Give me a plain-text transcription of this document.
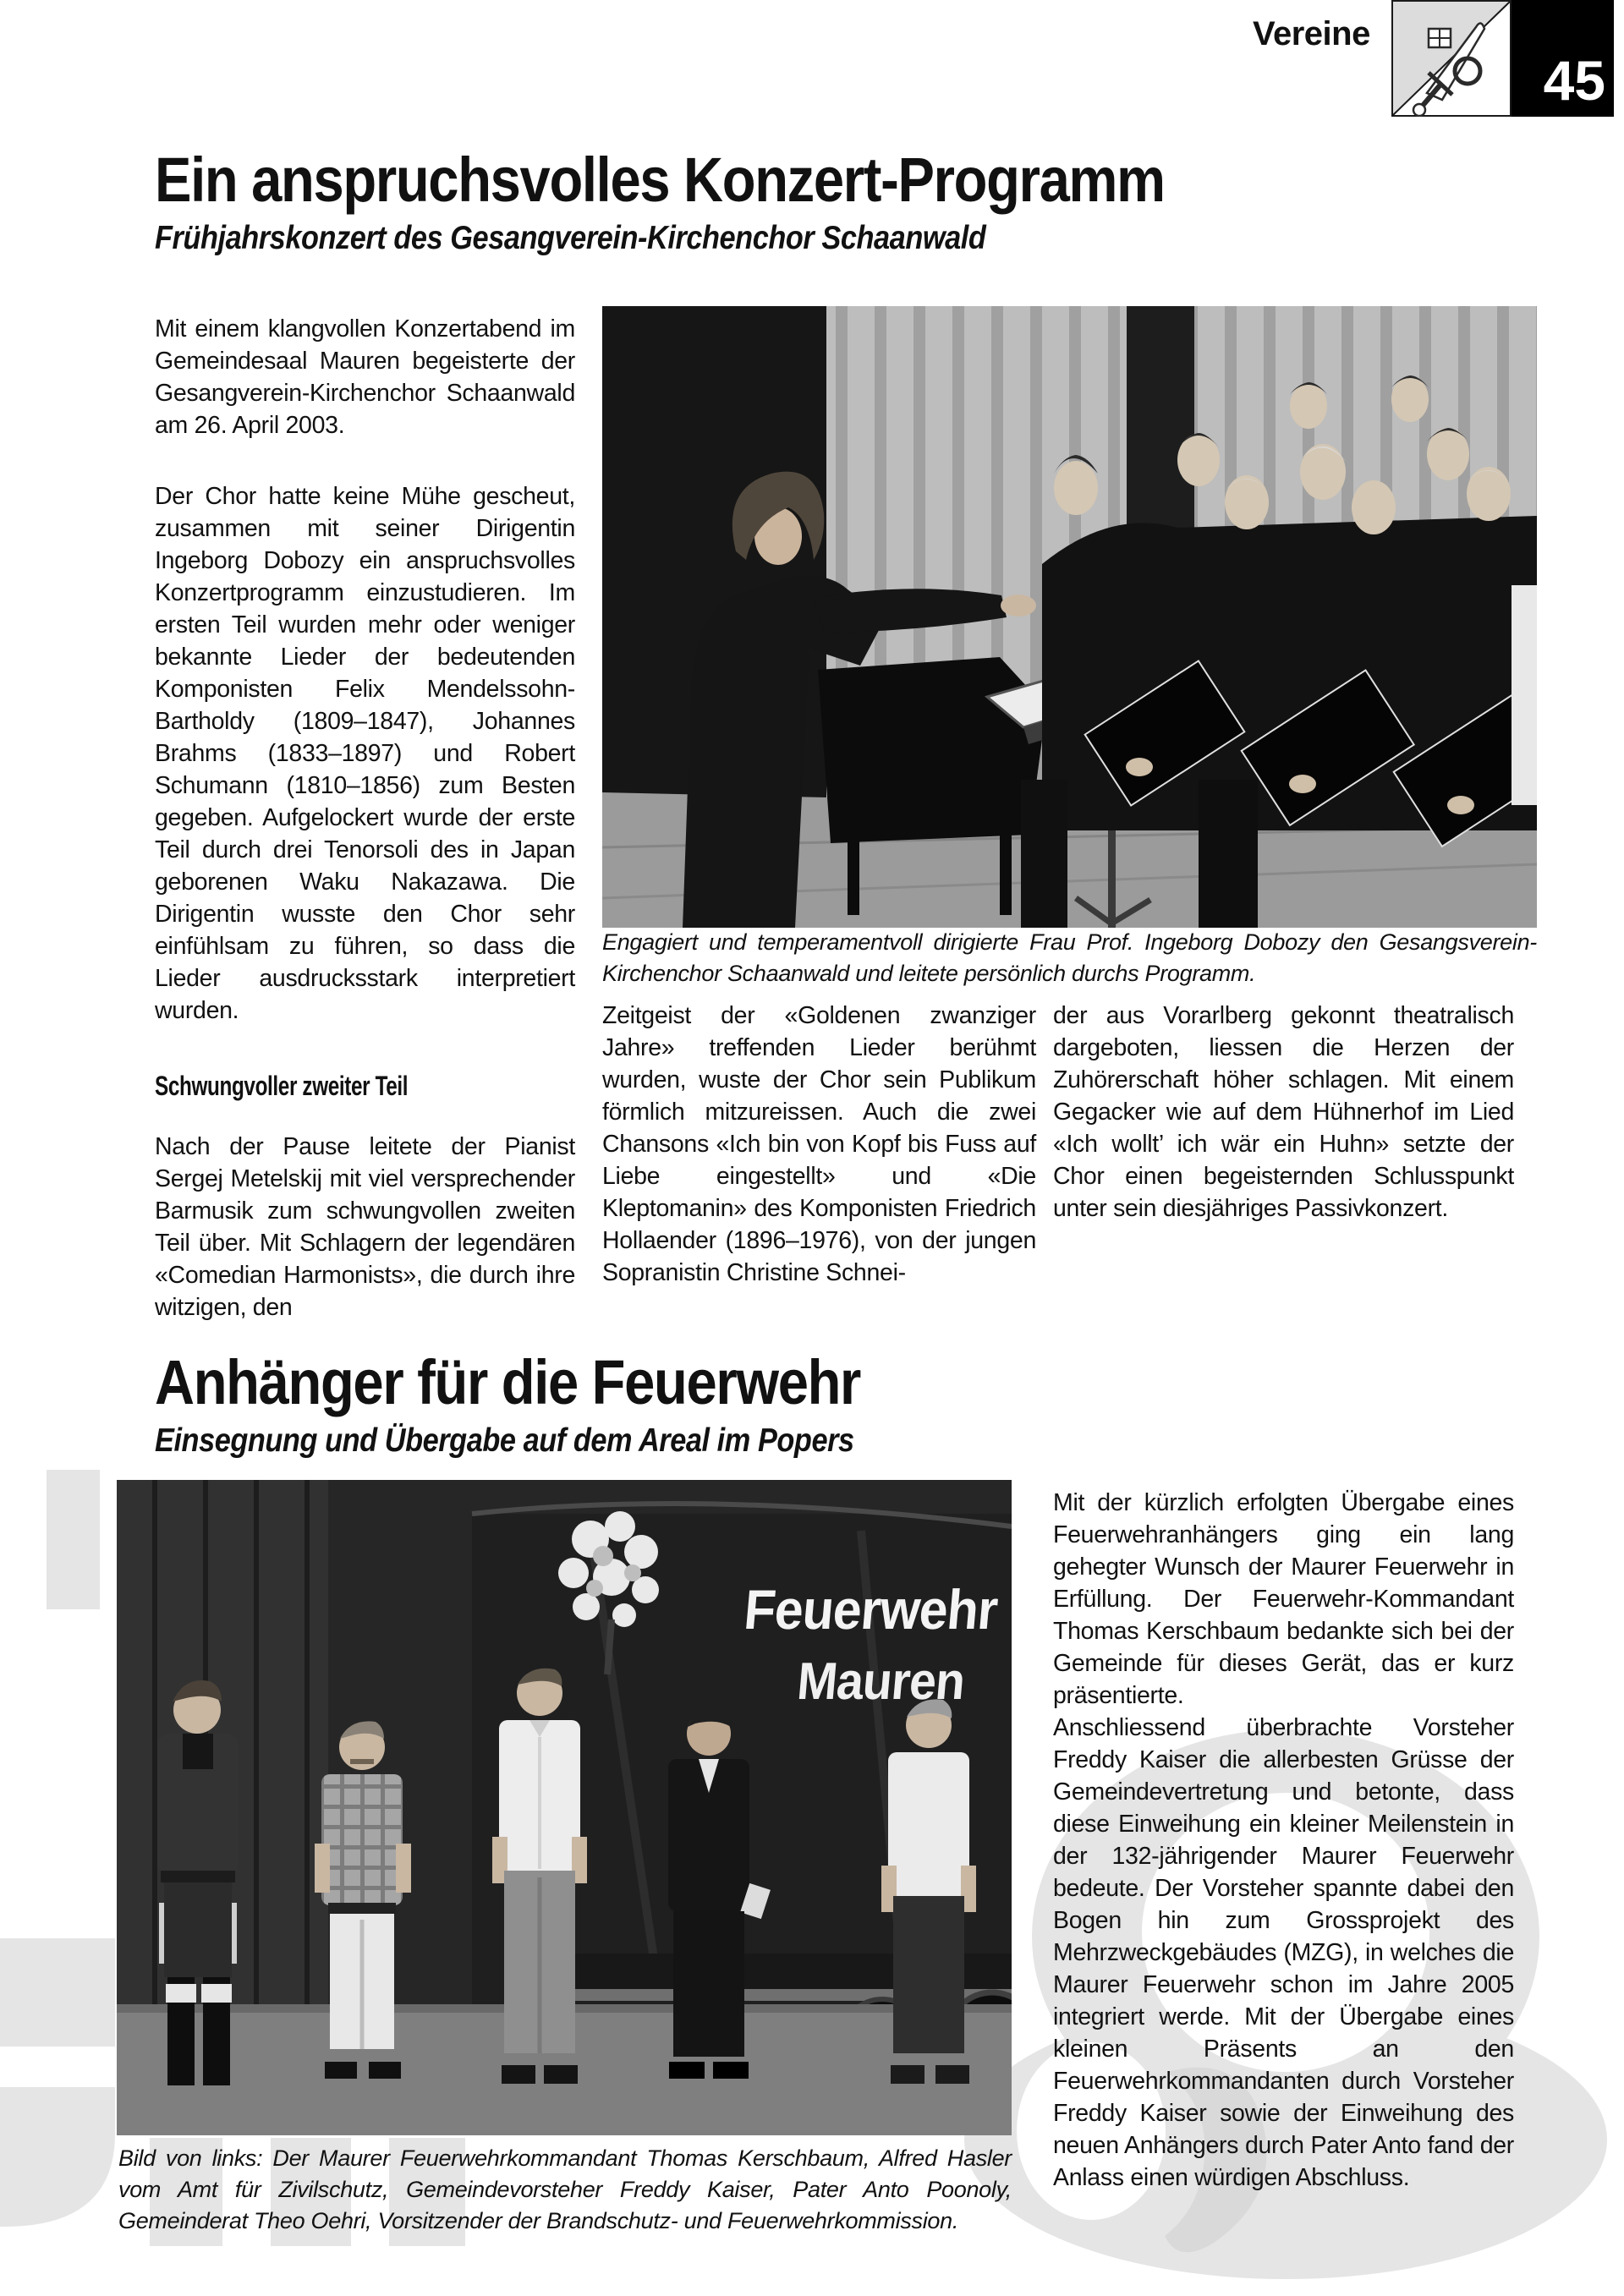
Vereine
45
Ein anspruchsvolles Konzert-Programm
Frühjahrskonzert des Gesangverein-Kirchenchor Schaanwald

Mit einem klangvollen Konzertabend im Gemeindesaal Mauren begeisterte der Gesangverein-Kirchenchor Schaanwald am 26. April 2003.

Der Chor hatte keine Mühe gescheut, zusammen mit seiner Dirigentin Ingeborg Dobozy ein anspruchsvolles Konzertprogramm einzustudieren. Im ersten Teil wurden mehr oder weniger bekannte Lieder der bedeutenden Komponisten Felix Mendelssohn-Bartholdy (1809–1847), Johannes Brahms (1833–1897) und Robert Schumann (1810–1856) zum Besten gegeben. Aufgelockert wurde der erste Teil durch drei Tenorsoli des in Japan geborenen Waku Nakazawa. Die Dirigentin wusste den Chor sehr einfühlsam zu führen, so dass die Lieder ausdrucksstark interpretiert wurden.

Schwungvoller zweiter Teil

Nach der Pause leitete der Pianist Sergej Metelskij mit viel versprechender Barmusik zum schwungvollen zweiten Teil über. Mit Schlagern der legendären «Comedian Harmonists», die durch ihre witzigen, den

Engagiert und temperamentvoll dirigierte Frau Prof. Ingeborg Dobozy den Gesangsverein-Kirchenchor Schaanwald und leitete persönlich durchs Programm.

Zeitgeist der «Goldenen zwanziger Jahre» treffenden Lieder berühmt wurden, wuste der Chor sein Publikum förmlich mitzureissen. Auch die zwei Chansons «Ich bin von Kopf bis Fuss auf Liebe eingestellt» und «Die Kleptomanin» des Komponisten Friedrich Hollaender (1896–1976), von der jungen Sopranistin Christine Schnei-

der aus Vorarlberg gekonnt theatralisch dargeboten, liessen die Herzen der Zuhörerschaft höher schlagen. Mit einem Gegacker wie auf dem Hühnerhof im Lied «Ich wollt’ ich wär ein Huhn» setzte der Chor einen begeisternden Schlusspunkt unter sein diesjähriges Passivkonzert.

Anhänger für die Feuerwehr
Einsegnung und Übergabe auf dem Areal im Popers
Feuerwehr
Mauren
Bild von links: Der Maurer Feuerwehrkommandant Thomas Kerschbaum, Alfred Hasler vom Amt für Zivilschutz, Gemeindevorsteher Freddy Kaiser, Pater Anto Poonoly, Gemeinderat Theo Oehri, Vorsitzender der Brandschutz- und Feuerwehrkommission.

Mit der kürzlich erfolgten Übergabe eines Feuerwehranhängers ging ein lang gehegter Wunsch der Maurer Feuerwehr in Erfüllung. Der Feuerwehr-Kommandant Thomas Kerschbaum bedankte sich bei der Gemeinde für dieses Gerät, das er kurz präsentierte.

Anschliessend überbrachte Vorsteher Freddy Kaiser die allerbesten Grüsse der Gemeindevertretung und betonte, dass diese Einweihung ein kleiner Meilenstein in der 132-jährigender Maurer Feuerwehr bedeute. Der Vorsteher spannte dabei den Bogen hin zum Grossprojekt des Mehrzweckgebäudes (MZG), in welches die Maurer Feuerwehr schon im Jahre 2005 integriert werde. Mit der Übergabe eines kleinen Präsents an den Feuerwehrkommandanten durch Vorsteher Freddy Kaiser sowie der Einweihung des neuen Anhängers durch Pater Anto fand der Anlass einen würdigen Abschluss.
